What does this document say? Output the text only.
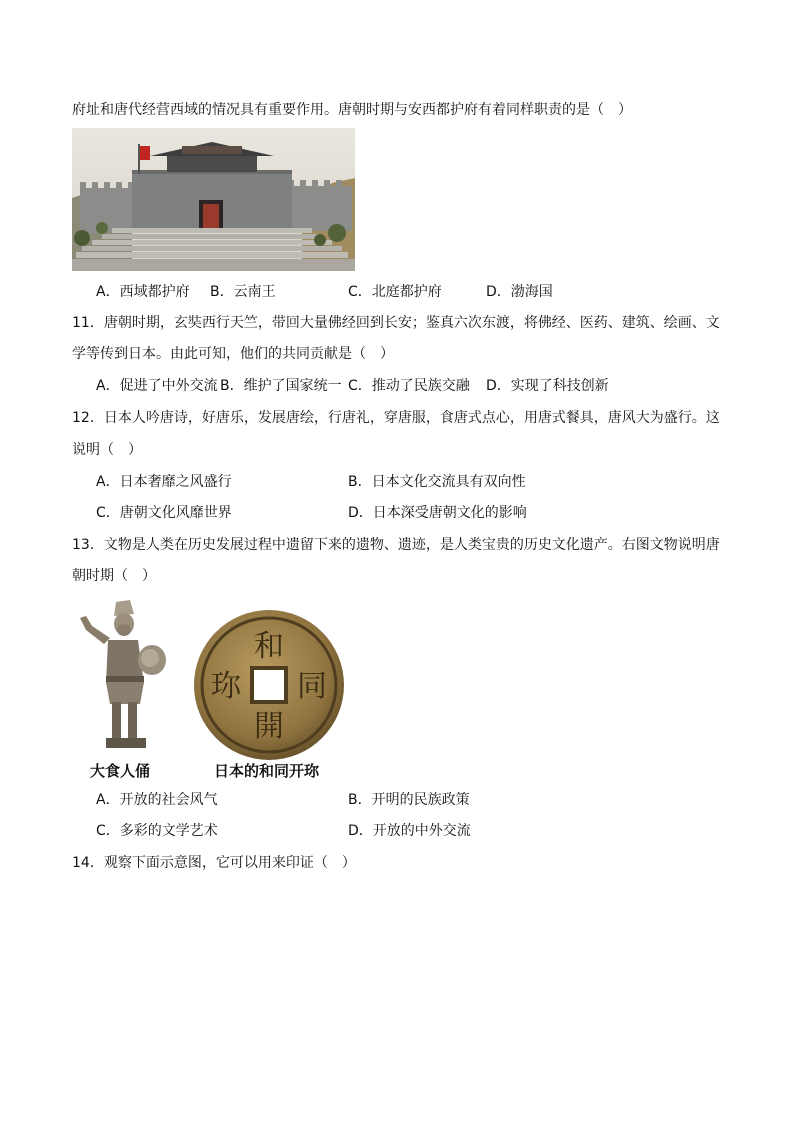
府址和唐代经营西域的情况具有重要作用。唐朝时期与安西都护府有着同样职责的是（　）
A．西域都护府 B．云南王	C．北庭都护府	D．渤海国
11．唐朝时期，玄奘西行天竺，带回大量佛经回到长安；鉴真六次东渡，将佛经、医药、建筑、绘画、文
学等传到日本。由此可知，他们的共同贡献是（　）
A．促进了中外交流 B．维护了国家统一 C．推动了民族交融 D．实现了科技创新
12．日本人吟唐诗，好唐乐，发展唐绘，行唐礼，穿唐服，食唐式点心，用唐式餐具，唐风大为盛行。这
说明（　）
A．日本奢靡之风盛行	B．日本文化交流具有双向性
C．唐朝文化风靡世界	D．日本深受唐朝文化的影响
13．文物是人类在历史发展过程中遗留下来的遗物、遗迹，是人类宝贵的历史文化遗产。右图文物说明唐
朝时期（　）
大食人俑
和
同
開
珎
日本的和同开珎
A．开放的社会风气	B．开明的民族政策
C．多彩的文学艺术	D．开放的中外交流
14．观察下面示意图，它可以用来印证（　）
